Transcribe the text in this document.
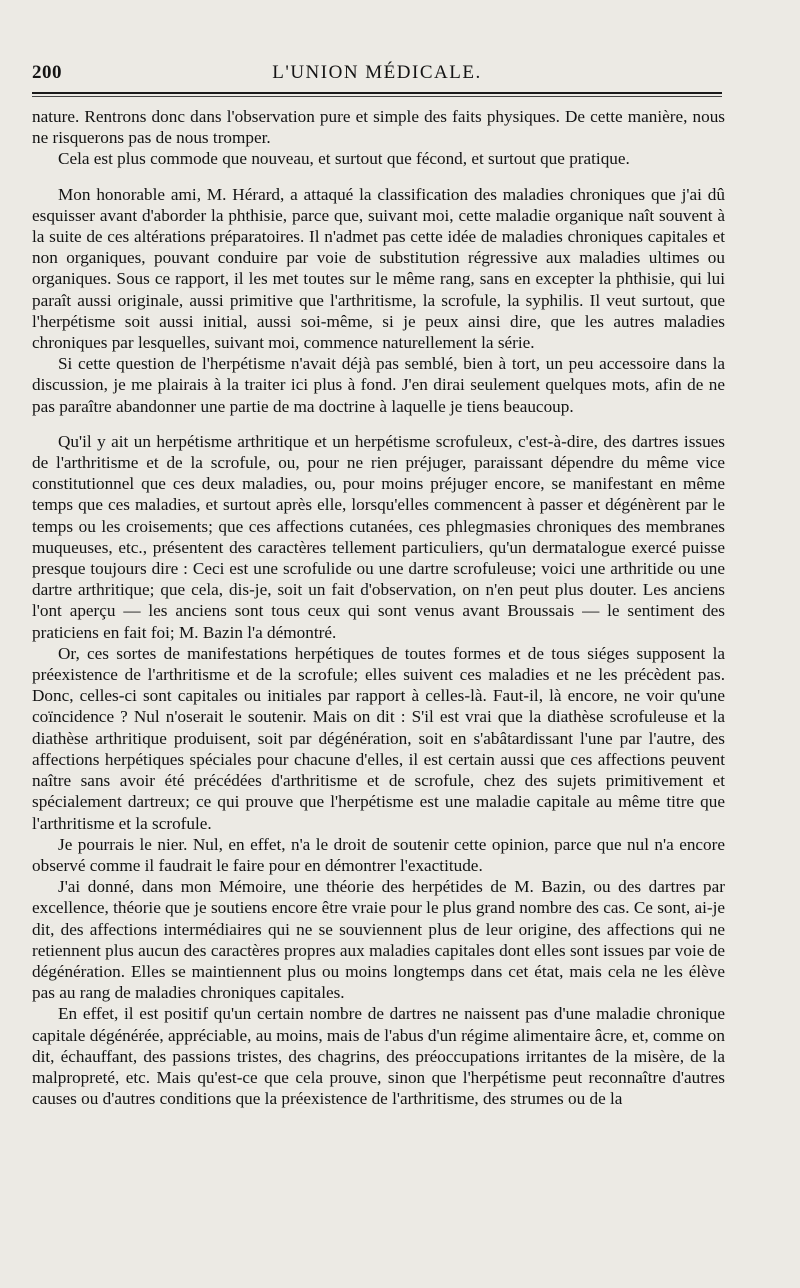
200	L'UNION MÉDICALE.

nature. Rentrons donc dans l'observation pure et simple des faits physiques. De cette manière, nous ne risquerons pas de nous tromper.

Cela est plus commode que nouveau, et surtout que fécond, et surtout que pratique.

Mon honorable ami, M. Hérard, a attaqué la classification des maladies chroniques que j'ai dû esquisser avant d'aborder la phthisie, parce que, suivant moi, cette maladie organique naît souvent à la suite de ces altérations préparatoires. Il n'admet pas cette idée de maladies chroniques capitales et non organiques, pouvant conduire par voie de substitution régressive aux maladies ultimes ou organiques. Sous ce rapport, il les met toutes sur le même rang, sans en excepter la phthisie, qui lui paraît aussi originale, aussi primitive que l'arthritisme, la scrofule, la syphilis. Il veut surtout, que l'herpétisme soit aussi initial, aussi soi-même, si je peux ainsi dire, que les autres maladies chroniques par lesquelles, suivant moi, commence naturellement la série.

Si cette question de l'herpétisme n'avait déjà pas semblé, bien à tort, un peu accessoire dans la discussion, je me plairais à la traiter ici plus à fond. J'en dirai seulement quelques mots, afin de ne pas paraître abandonner une partie de ma doctrine à laquelle je tiens beaucoup.

Qu'il y ait un herpétisme arthritique et un herpétisme scrofuleux, c'est-à-dire, des dartres issues de l'arthritisme et de la scrofule, ou, pour ne rien préjuger, paraissant dépendre du même vice constitutionnel que ces deux maladies, ou, pour moins préjuger encore, se manifestant en même temps que ces maladies, et surtout après elle, lorsqu'elles commencent à passer et dégénèrent par le temps ou les croisements; que ces affections cutanées, ces phlegmasies chroniques des membranes muqueuses, etc., présentent des caractères tellement particuliers, qu'un dermatalogue exercé puisse presque toujours dire : Ceci est une scrofulide ou une dartre scrofuleuse; voici une arthritide ou une dartre arthritique; que cela, dis-je, soit un fait d'observation, on n'en peut plus douter. Les anciens l'ont aperçu — les anciens sont tous ceux qui sont venus avant Broussais — le sentiment des praticiens en fait foi; M. Bazin l'a démontré.

Or, ces sortes de manifestations herpétiques de toutes formes et de tous siéges supposent la préexistence de l'arthritisme et de la scrofule; elles suivent ces maladies et ne les précèdent pas. Donc, celles-ci sont capitales ou initiales par rapport à celles-là. Faut-il, là encore, ne voir qu'une coïncidence ? Nul n'oserait le soutenir. Mais on dit : S'il est vrai que la diathèse scrofuleuse et la diathèse arthritique produisent, soit par dégénération, soit en s'abâtardissant l'une par l'autre, des affections herpétiques spéciales pour chacune d'elles, il est certain aussi que ces affections peuvent naître sans avoir été précédées d'arthritisme et de scrofule, chez des sujets primitivement et spécialement dartreux; ce qui prouve que l'herpétisme est une maladie capitale au même titre que l'arthritisme et la scrofule.

Je pourrais le nier. Nul, en effet, n'a le droit de soutenir cette opinion, parce que nul n'a encore observé comme il faudrait le faire pour en démontrer l'exactitude.

J'ai donné, dans mon Mémoire, une théorie des herpétides de M. Bazin, ou des dartres par excellence, théorie que je soutiens encore être vraie pour le plus grand nombre des cas. Ce sont, ai-je dit, des affections intermédiaires qui ne se souviennent plus de leur origine, des affections qui ne retiennent plus aucun des caractères propres aux maladies capitales dont elles sont issues par voie de dégénération. Elles se maintiennent plus ou moins longtemps dans cet état, mais cela ne les élève pas au rang de maladies chroniques capitales.

En effet, il est positif qu'un certain nombre de dartres ne naissent pas d'une maladie chronique capitale dégénérée, appréciable, au moins, mais de l'abus d'un régime alimentaire âcre, et, comme on dit, échauffant, des passions tristes, des chagrins, des préoccupations irritantes de la misère, de la malpropreté, etc. Mais qu'est-ce que cela prouve, sinon que l'herpétisme peut reconnaître d'autres causes ou d'autres conditions que la préexistence de l'arthritisme, des strumes ou de la
